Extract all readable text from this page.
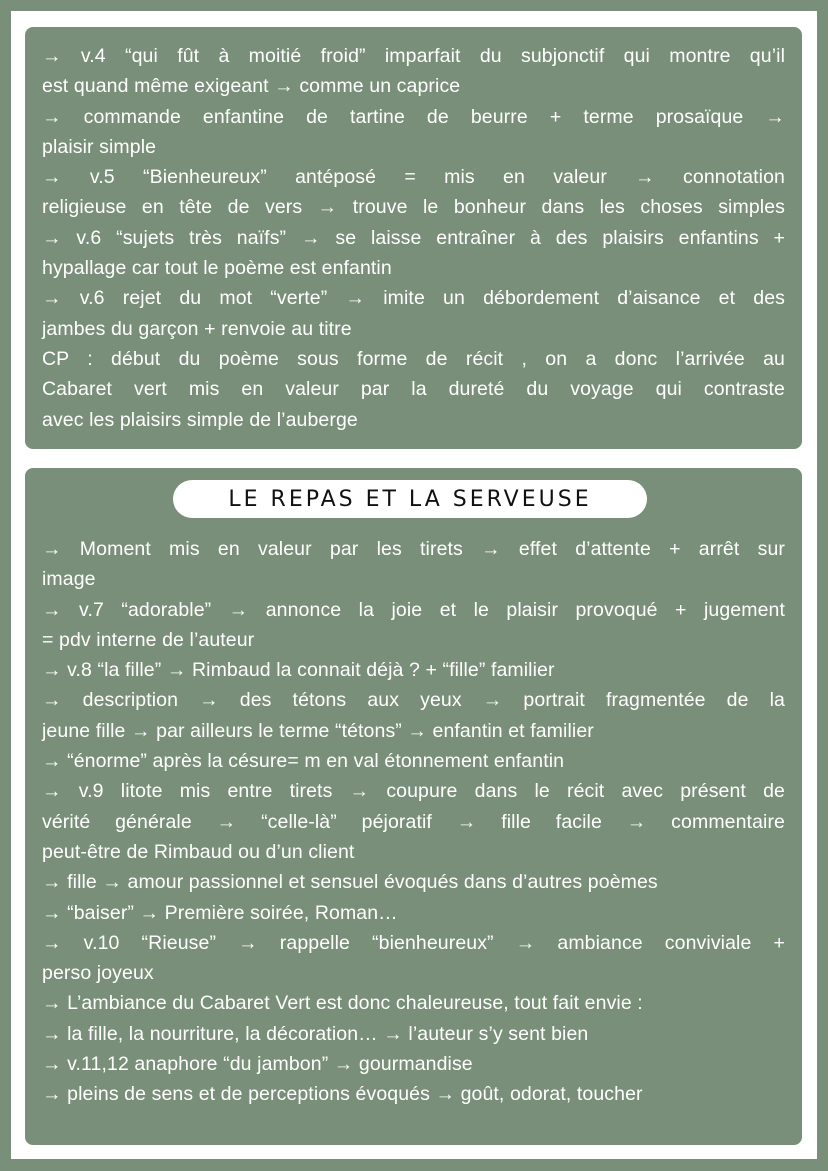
→ v.4 “qui fût à moitié froid” imparfait du subjonctif qui montre qu’il
est quand même exigeant → comme un caprice
→ commande enfantine de tartine de beurre + terme prosaïque →
plaisir simple
→ v.5 “Bienheureux” antéposé = mis en valeur → connotation
religieuse en tête de vers → trouve le bonheur dans les choses simples
→ v.6 “sujets très naïfs” → se laisse entraîner à des plaisirs enfantins +
hypallage car tout le poème est enfantin
→ v.6 rejet du mot “verte” → imite un débordement d’aisance et des
jambes du garçon + renvoie au titre
CP : début du poème sous forme de récit , on a donc l’arrivée au
Cabaret vert mis en valeur par la dureté du voyage qui contraste
avec les plaisirs simple de l’auberge
LE REPAS ET LA SERVEUSE
→ Moment mis en valeur par les tirets → effet d’attente + arrêt sur
image
→ v.7 “adorable” → annonce la joie et le plaisir provoqué + jugement
= pdv interne de l’auteur
→ v.8 “la fille” → Rimbaud la connait déjà ? + “fille” familier
→ description → des tétons aux yeux → portrait fragmentée de la
jeune fille → par ailleurs le terme “tétons” → enfantin et familier
→ “énorme” après la césure= m en val étonnement enfantin
→ v.9 litote mis entre tirets → coupure dans le récit avec présent de
vérité générale → “celle-là” péjoratif → fille facile → commentaire
peut-être de Rimbaud ou d’un client
→ fille → amour passionnel et sensuel évoqués dans d’autres poèmes
→ “baiser” → Première soirée, Roman…
→ v.10 “Rieuse” → rappelle “bienheureux” → ambiance conviviale +
perso joyeux
→ L’ambiance du Cabaret Vert est donc chaleureuse, tout fait envie :
→ la fille, la nourriture, la décoration… → l’auteur s’y sent bien
→ v.11,12 anaphore “du jambon” → gourmandise
→ pleins de sens et de perceptions évoqués → goût, odorat, toucher
